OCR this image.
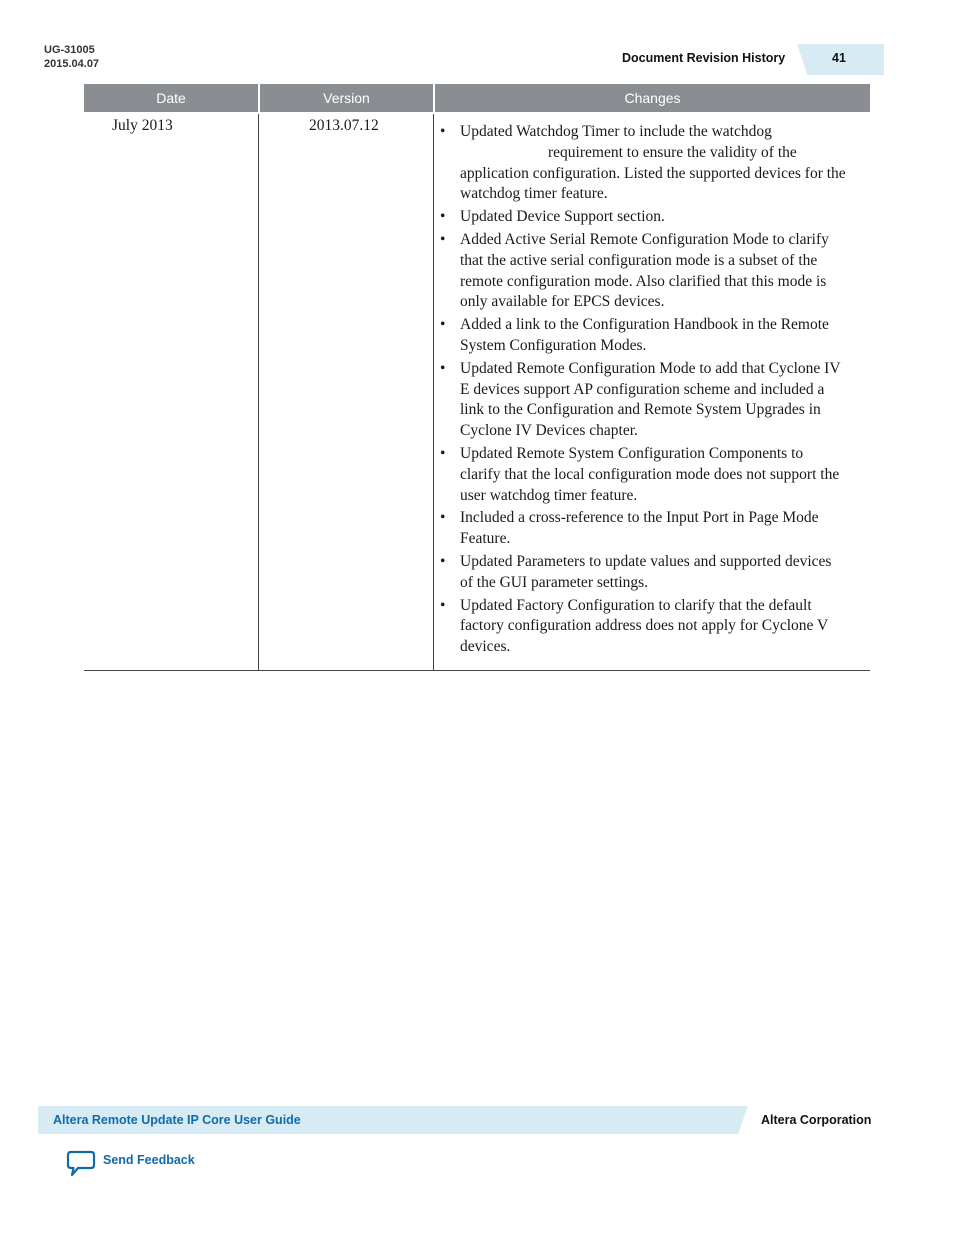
UG-31005
2015.04.07	Document Revision History	41
Date	Version	Changes
July 2013	2013.07.12
•	Updated Watchdog Timer to include the watchdog
requirement to ensure the validity of the application configuration. Listed the supported devices for the watchdog timer feature.
• Updated Device Support section.
• Added Active Serial Remote Configuration Mode to clarify that the active serial configuration mode is a subset of the remote configuration mode. Also clarified that this mode is only available for EPCS devices.
• Added a link to the Configuration Handbook in the Remote System Configuration Modes.
• Updated Remote Configuration Mode to add that Cyclone IV E devices support AP configuration scheme and included a link to the Configuration and Remote System Upgrades in Cyclone IV Devices chapter.
• Updated Remote System Configuration Components to clarify that the local configuration mode does not support the user watchdog timer feature.
• Included a cross-reference to the Input Port in Page Mode Feature.
• Updated Parameters to update values and supported devices of the GUI parameter settings.
• Updated Factory Configuration to clarify that the default factory configuration address does not apply for Cyclone V devices.
Altera Remote Update IP Core User Guide	Altera Corporation
Send Feedback
